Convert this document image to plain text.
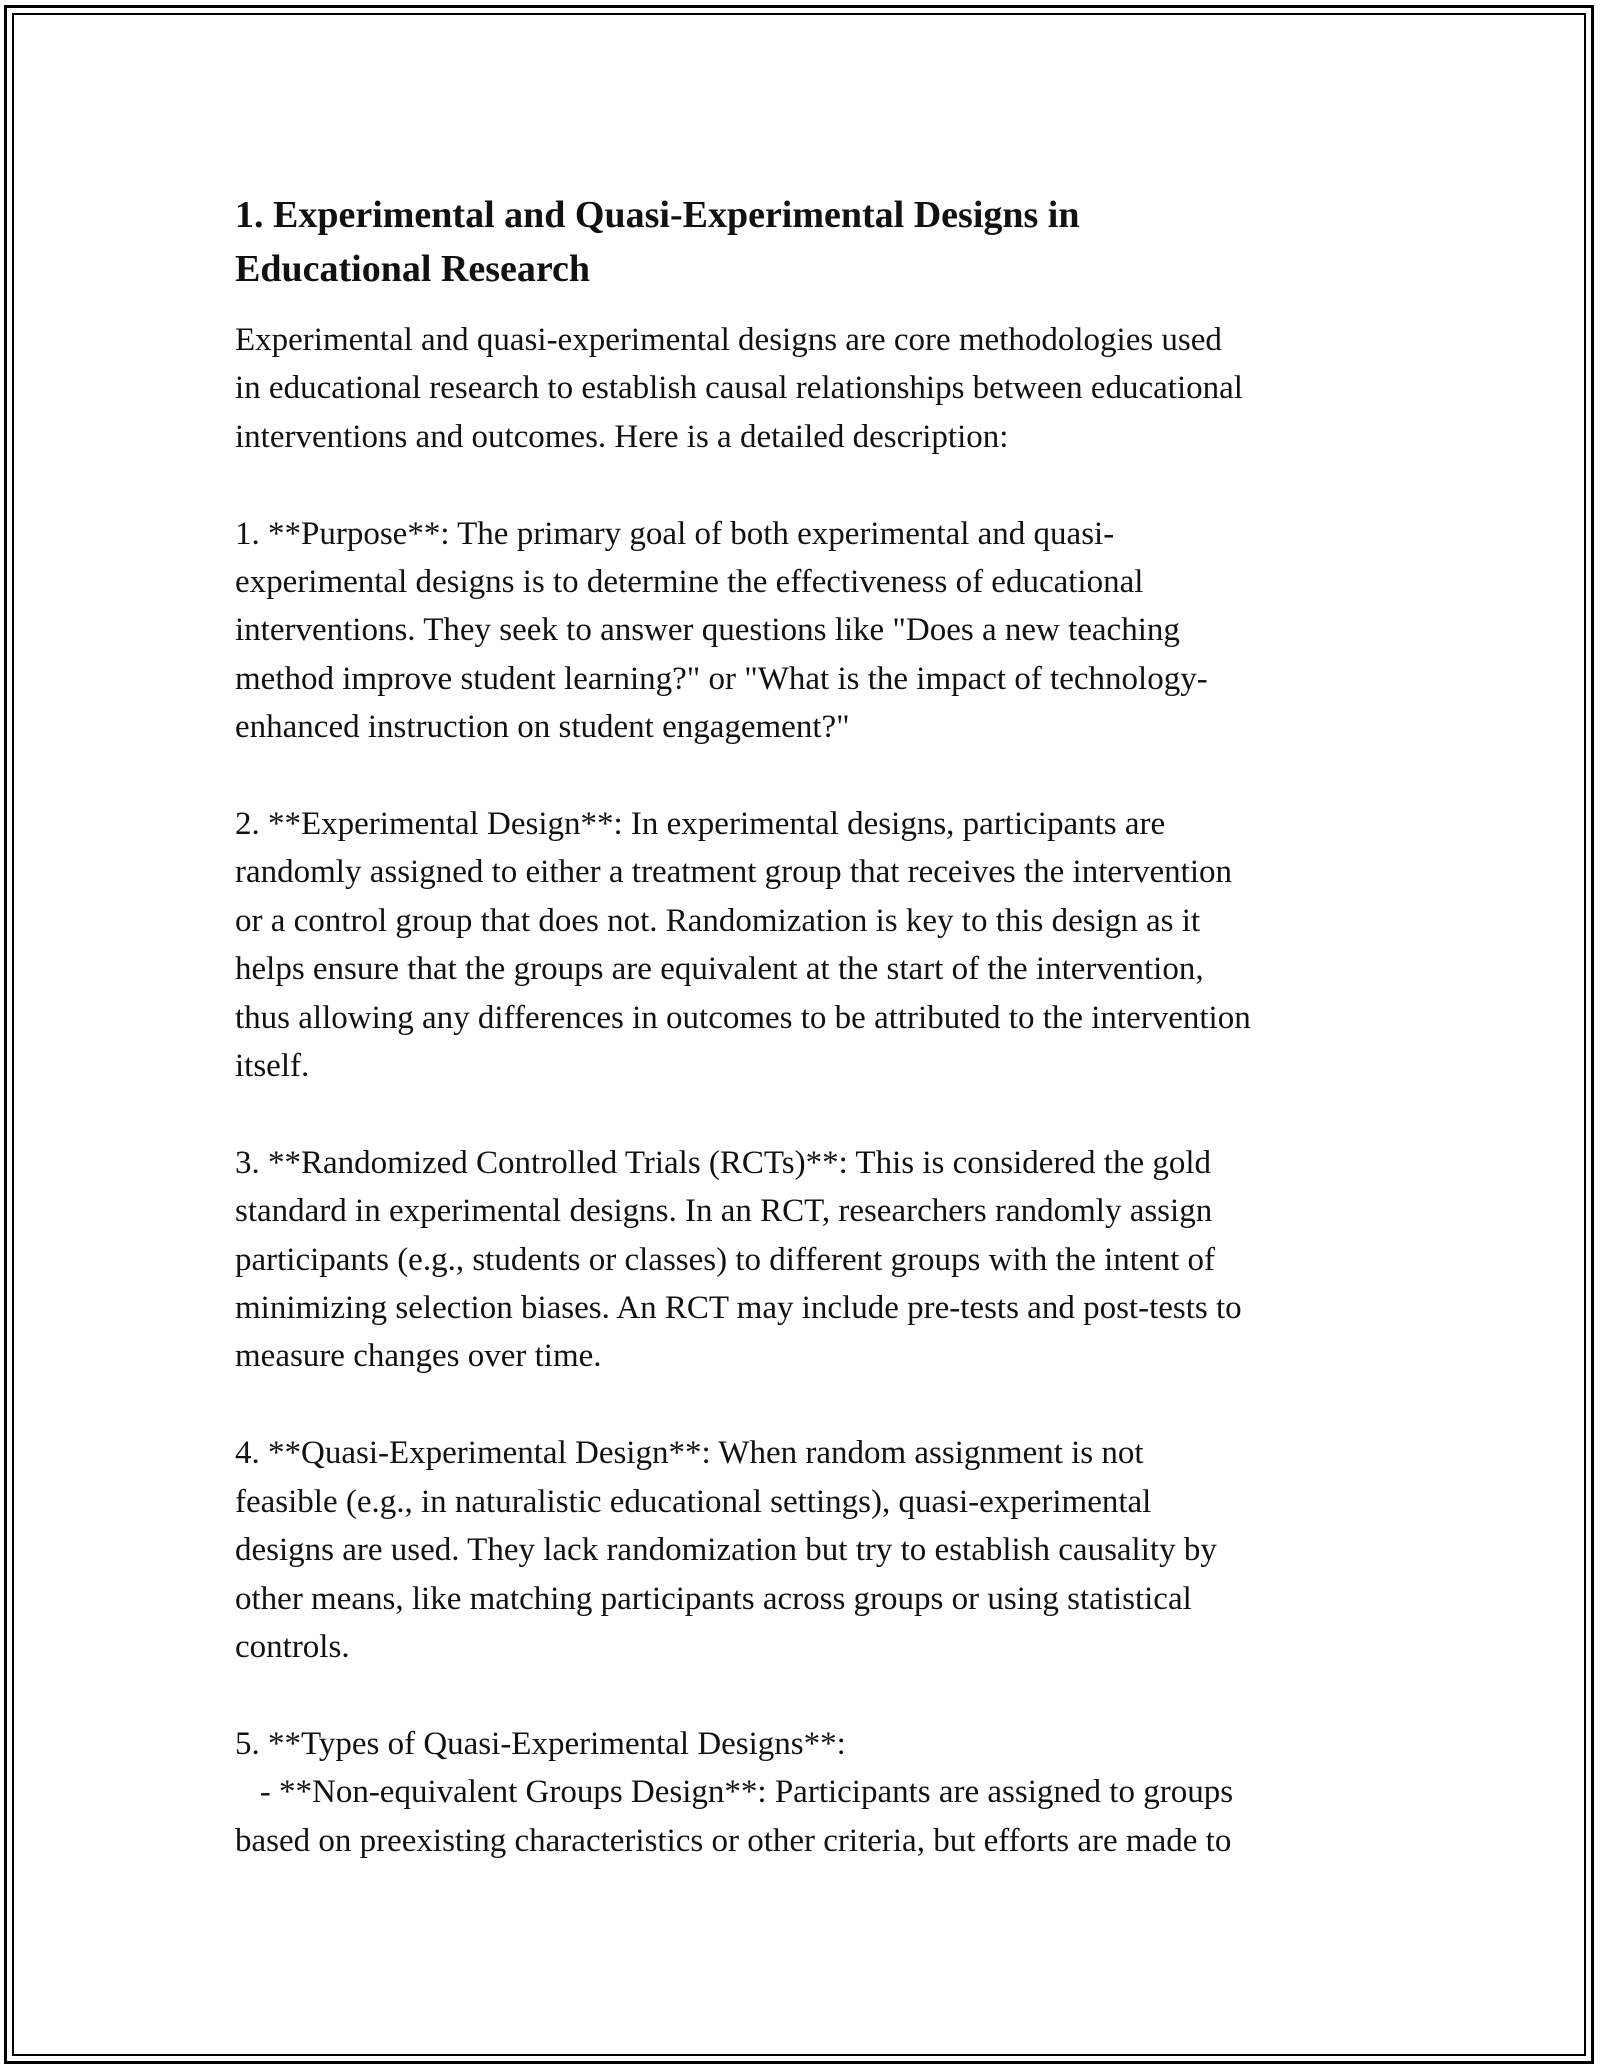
1. Experimental and Quasi-Experimental Designs in
Educational Research

Experimental and quasi-experimental designs are core methodologies used
in educational research to establish causal relationships between educational
interventions and outcomes. Here is a detailed description:

1. **Purpose**: The primary goal of both experimental and quasi-
experimental designs is to determine the effectiveness of educational
interventions. They seek to answer questions like "Does a new teaching
method improve student learning?" or "What is the impact of technology-
enhanced instruction on student engagement?"

2. **Experimental Design**: In experimental designs, participants are
randomly assigned to either a treatment group that receives the intervention
or a control group that does not. Randomization is key to this design as it
helps ensure that the groups are equivalent at the start of the intervention,
thus allowing any differences in outcomes to be attributed to the intervention
itself.

3. **Randomized Controlled Trials (RCTs)**: This is considered the gold
standard in experimental designs. In an RCT, researchers randomly assign
participants (e.g., students or classes) to different groups with the intent of
minimizing selection biases. An RCT may include pre-tests and post-tests to
measure changes over time.

4. **Quasi-Experimental Design**: When random assignment is not
feasible (e.g., in naturalistic educational settings), quasi-experimental
designs are used. They lack randomization but try to establish causality by
other means, like matching participants across groups or using statistical
controls.

5. **Types of Quasi-Experimental Designs**:
- **Non-equivalent Groups Design**: Participants are assigned to groups
based on preexisting characteristics or other criteria, but efforts are made to
